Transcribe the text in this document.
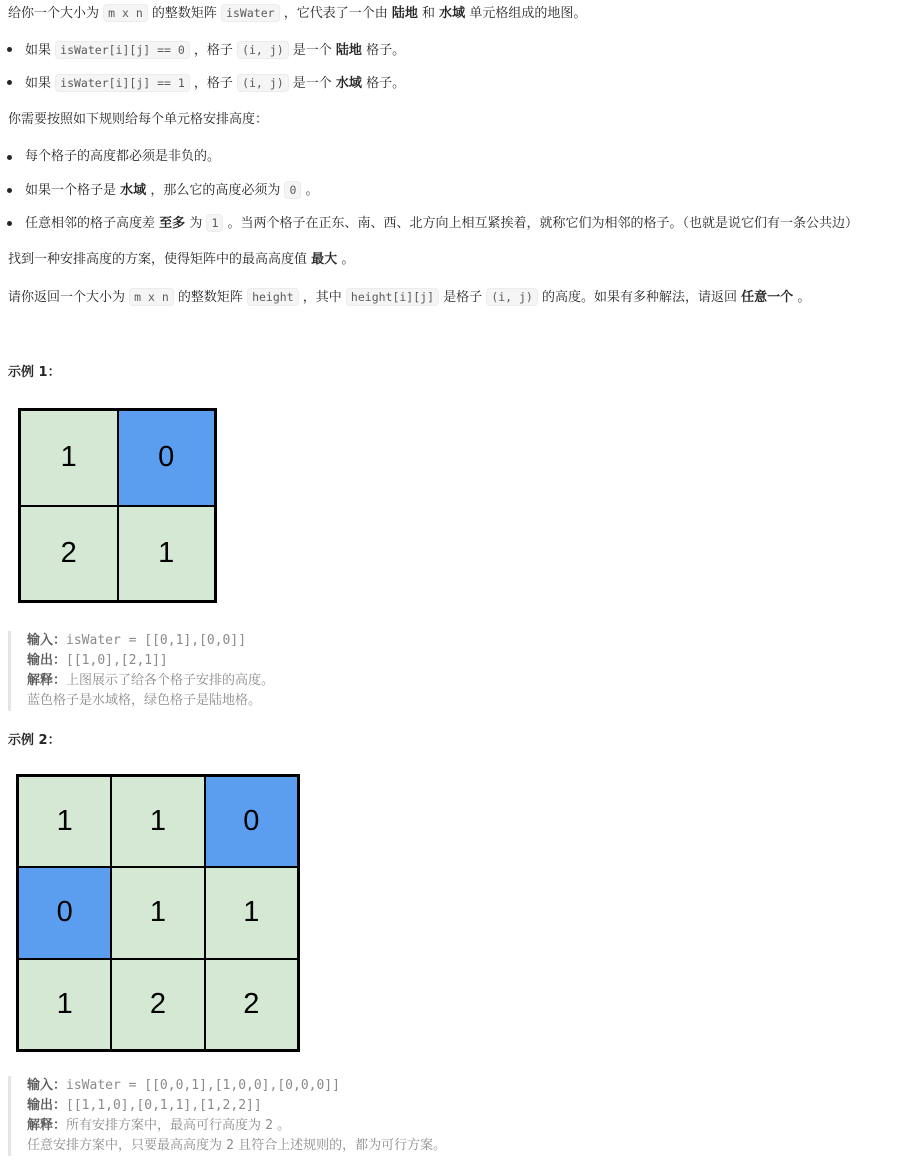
给你一个大小为 m x n 的整数矩阵 isWater ，它代表了一个由 陆地 和 水域 单元格组成的地图。
如果 isWater[i][j] == 0 ，格子 (i, j) 是一个 陆地 格子。
如果 isWater[i][j] == 1 ，格子 (i, j) 是一个 水域 格子。
你需要按照如下规则给每个单元格安排高度：
每个格子的高度都必须是非负的。
如果一个格子是 水域 ，那么它的高度必须为 0 。
任意相邻的格子高度差 至多 为 1 。当两个格子在正东、南、西、北方向上相互紧挨着，就称它们为相邻的格子。（也就是说它们有一条公共边）
找到一种安排高度的方案，使得矩阵中的最高高度值 最大 。
请你返回一个大小为 m x n 的整数矩阵 height ，其中 height[i][j] 是格子 (i, j) 的高度。如果有多种解法，请返回 任意一个 。
示例 1：
1	0
2	1
输入：isWater = [[0,1],[0,0]]
输出：[[1,0],[2,1]]
解释：上图展示了给各个格子安排的高度。
蓝色格子是水域格，绿色格子是陆地格。
示例 2：
1	1	0
0	1	1
1	2	2
输入：isWater = [[0,0,1],[1,0,0],[0,0,0]]
输出：[[1,1,0],[0,1,1],[1,2,2]]
解释：所有安排方案中，最高可行高度为 2 。
任意安排方案中，只要最高高度为 2 且符合上述规则的，都为可行方案。
